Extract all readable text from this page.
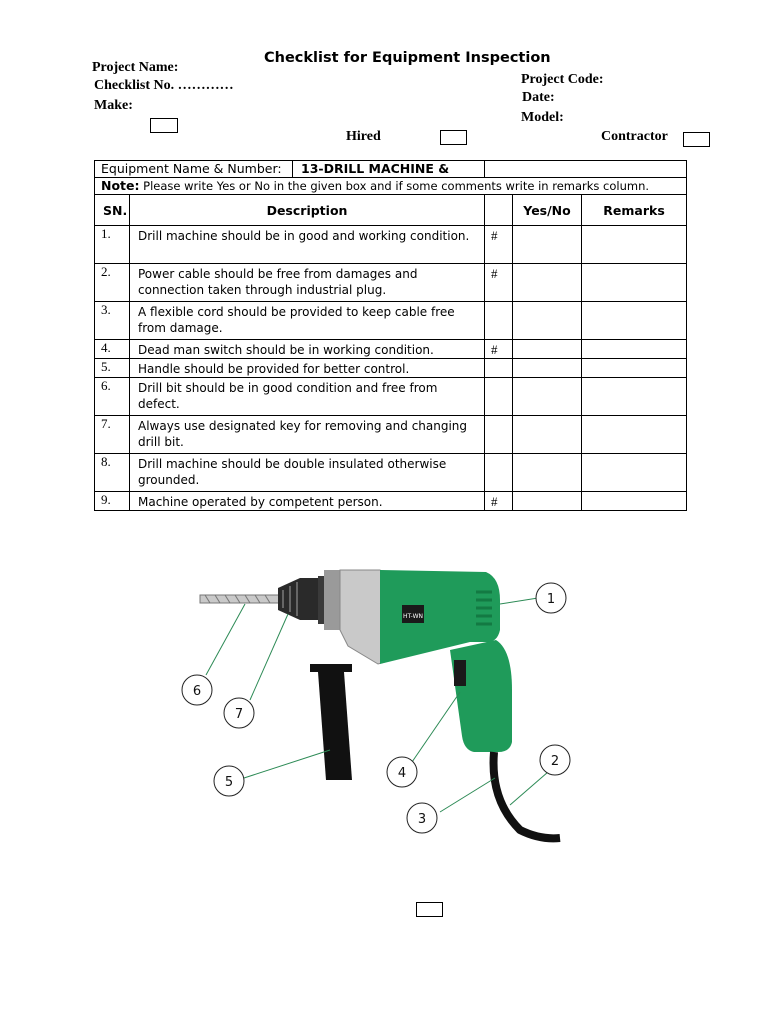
Checklist for Equipment Inspection
Project Name:
Checklist No. …………
Make:
Project Code:
Date:
Model:
Hired	Contractor
Equipment Name & Number: 13-DRILL MACHINE &				

Note: Please write Yes or No in the given box and if some comments write in remarks column.				
SN.	Description		Yes/No	Remarks
1.	Drill machine should be in good and working condition.	#		
2.	Power cable should be free from damages and connection taken through industrial plug.	#		
3.	A flexible cord should be provided to keep cable free from damage.			
4.	Dead man switch should be in working condition.	#		
5.	Handle should be provided for better control.			
6.	Drill bit should be in good condition and free from defect.			
7.	Always use designated key for removing and changing drill bit.			
8.	Drill machine should be double insulated otherwise grounded.			
9.	Machine operated by competent person.	#		
HT-WN
1
2
3
4
5
6
7
